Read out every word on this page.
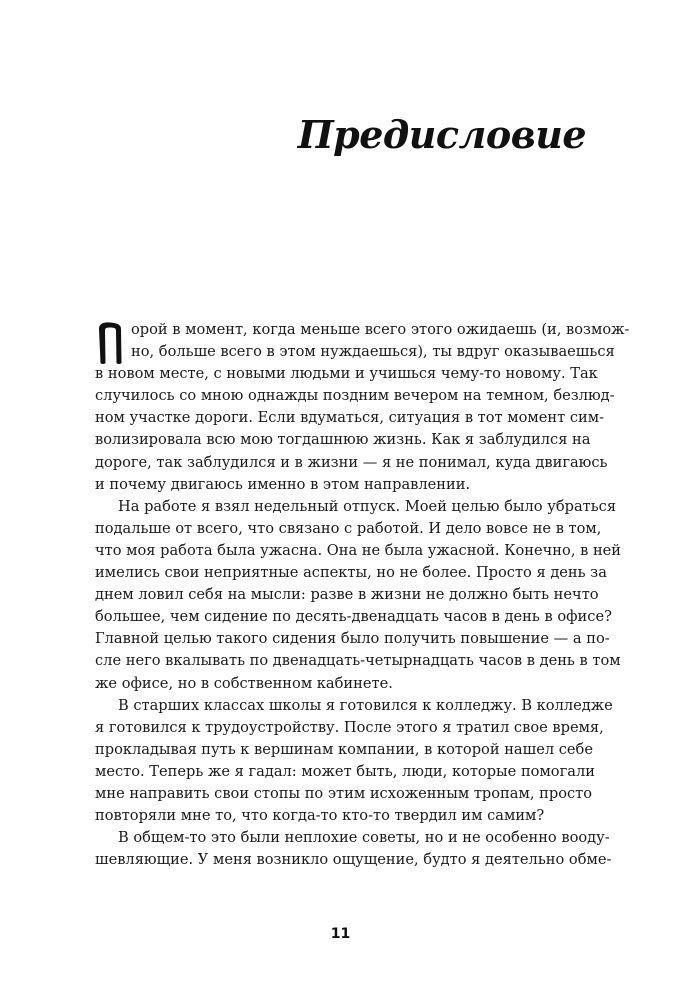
Предисловие

орой в момент, когда меньше всего этого ожидаешь (и, возмож-
но, больше всего в этом нуждаешься), ты вдруг оказываешься
в новом месте, с новыми людьми и учишься чему-то новому. Так
случилось со мною однажды поздним вечером на темном, безлюд-
ном участке дороги. Если вдуматься, ситуация в тот момент сим-
волизировала всю мою тогдашнюю жизнь. Как я заблудился на
дороге, так заблудился и в жизни — я не понимал, куда двигаюсь
и почему двигаюсь именно в этом направлении.

На работе я взял недельный отпуск. Моей целью было убраться
подальше от всего, что связано с работой. И дело вовсе не в том,
что моя работа была ужасна. Она не была ужасной. Конечно, в ней
имелись свои неприятные аспекты, но не более. Просто я день за
днем ловил себя на мысли: разве в жизни не должно быть нечто
большее, чем сидение по десять-двенадцать часов в день в офисе?
Главной целью такого сидения было получить повышение — а по-
сле него вкалывать по двенадцать-четырнадцать часов в день в том
же офисе, но в собственном кабинете.

В старших классах школы я готовился к колледжу. В колледже
я готовился к трудоустройству. После этого я тратил свое время,
прокладывая путь к вершинам компании, в которой нашел себе
место. Теперь же я гадал: может быть, люди, которые помогали
мне направить свои стопы по этим исхоженным тропам, просто
повторяли мне то, что когда-то кто-то твердил им самим?

В общем-то это были неплохие советы, но и не особенно вооду-
шевляющие. У меня возникло ощущение, будто я деятельно обме-

11
